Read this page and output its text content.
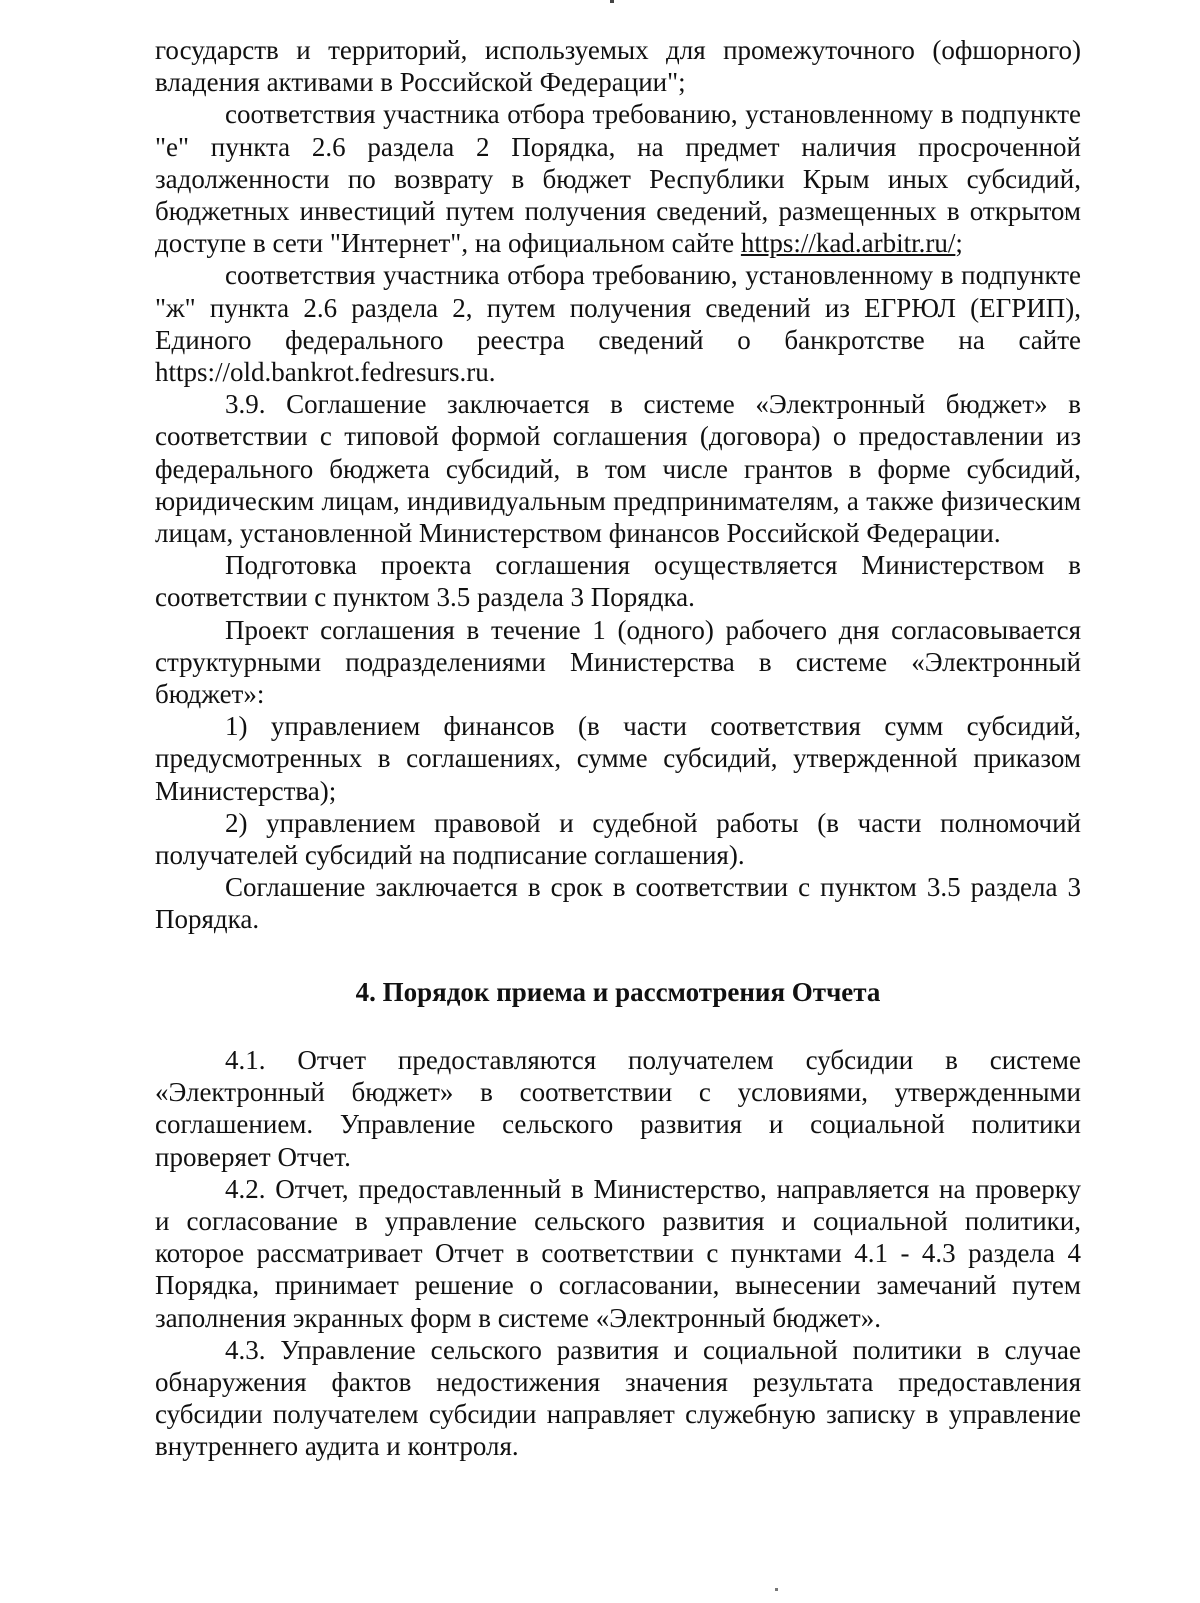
государств и территорий, используемых для промежуточного (офшорного) владения активами в Российской Федерации";

соответствия участника отбора требованию, установленному в подпункте "е" пункта 2.6 раздела 2 Порядка, на предмет наличия просроченной задолженности по возврату в бюджет Республики Крым иных субсидий, бюджетных инвестиций путем получения сведений, размещенных в открытом доступе в сети "Интернет", на официальном сайте https://kad.arbitr.ru/;

соответствия участника отбора требованию, установленному в подпункте "ж" пункта 2.6 раздела 2, путем получения сведений из ЕГРЮЛ (ЕГРИП), Единого федерального реестра сведений о банкротстве на сайте https://old.bankrot.fedresurs.ru.

3.9. Соглашение заключается в системе «Электронный бюджет» в соответствии с типовой формой соглашения (договора) о предоставлении из федерального бюджета субсидий, в том числе грантов в форме субсидий, юридическим лицам, индивидуальным предпринимателям, а также физическим лицам, установленной Министерством финансов Российской Федерации.

Подготовка проекта соглашения осуществляется Министерством в соответствии с пунктом 3.5 раздела 3 Порядка.

Проект соглашения в течение 1 (одного) рабочего дня согласовывается структурными подразделениями Министерства в системе «Электронный бюджет»:

1) управлением финансов (в части соответствия сумм субсидий, предусмотренных в соглашениях, сумме субсидий, утвержденной приказом Министерства);

2) управлением правовой и судебной работы (в части полномочий получателей субсидий на подписание соглашения).

Соглашение заключается в срок в соответствии с пунктом 3.5 раздела 3 Порядка.

4. Порядок приема и рассмотрения Отчета

4.1. Отчет предоставляются получателем субсидии в системе «Электронный бюджет» в соответствии с условиями, утвержденными соглашением. Управление сельского развития и социальной политики проверяет Отчет.

4.2. Отчет, предоставленный в Министерство, направляется на проверку и согласование в управление сельского развития и социальной политики, которое рассматривает Отчет в соответствии с пунктами 4.1 - 4.3 раздела 4 Порядка, принимает решение о согласовании, вынесении замечаний путем заполнения экранных форм в системе «Электронный бюджет».

4.3. Управление сельского развития и социальной политики в случае обнаружения фактов недостижения значения результата предоставления субсидии получателем субсидии направляет служебную записку в управление внутреннего аудита и контроля.
